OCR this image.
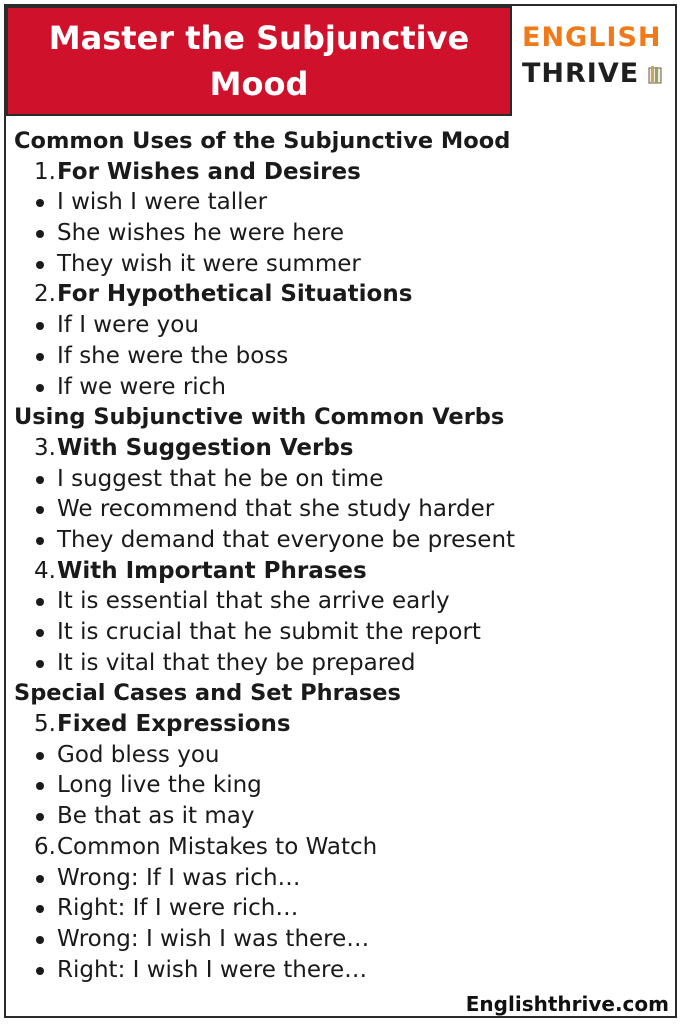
Master the Subjunctive Mood
ENGLISH
THRIVE
Common Uses of the Subjunctive Mood
1. For Wishes and Desires
I wish I were taller
She wishes he were here
They wish it were summer
2. For Hypothetical Situations
If I were you
If she were the boss
If we were rich
Using Subjunctive with Common Verbs
3. With Suggestion Verbs
I suggest that he be on time
We recommend that she study harder
They demand that everyone be present
4. With Important Phrases
It is essential that she arrive early
It is crucial that he submit the report
It is vital that they be prepared
Special Cases and Set Phrases
5. Fixed Expressions
God bless you
Long live the king
Be that as it may
6. Common Mistakes to Watch
Wrong: If I was rich…
Right: If I were rich…
Wrong: I wish I was there…
Right: I wish I were there…
Englishthrive.com
